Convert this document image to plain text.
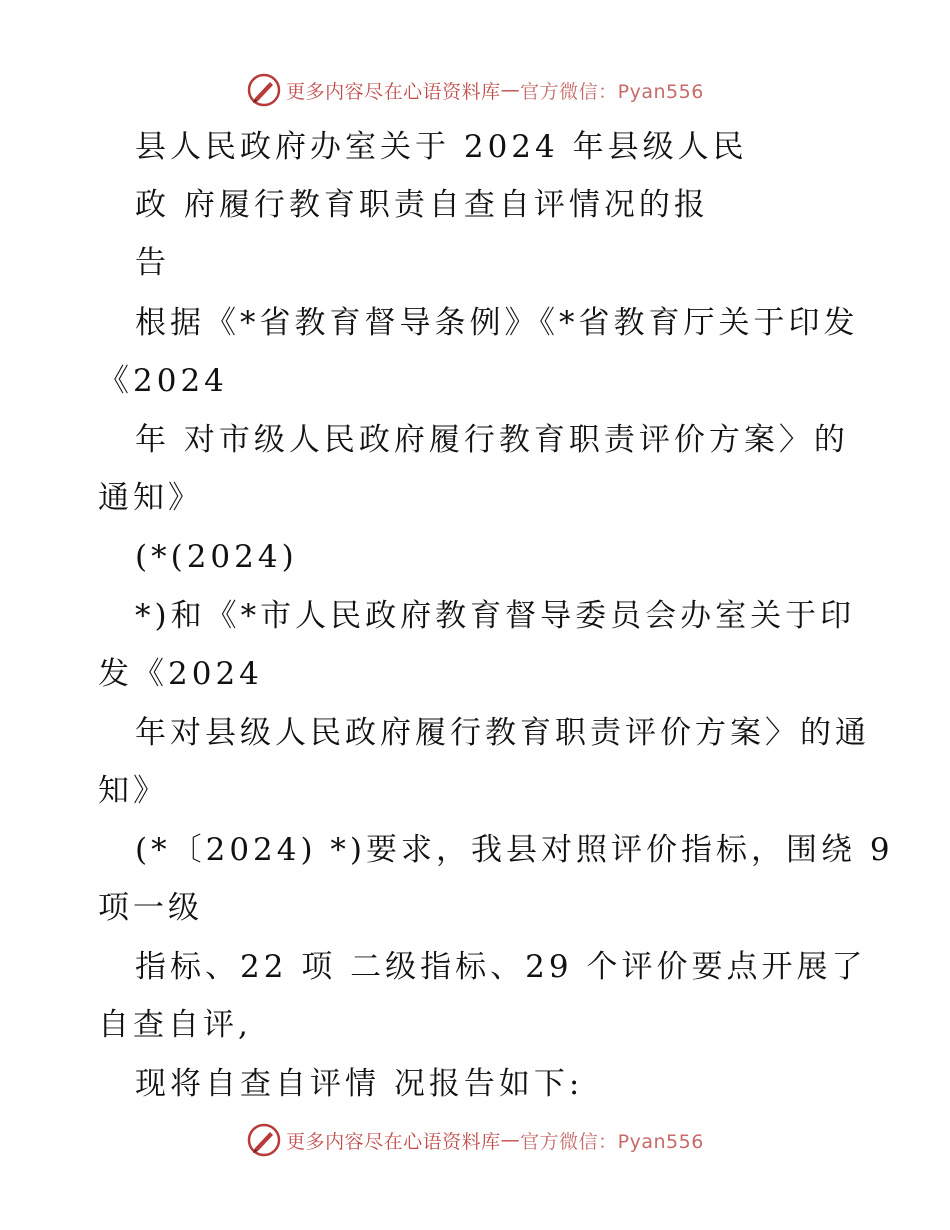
更多内容尽在心语资料库 — 官方微信：Pyan556
县人民政府办室关于 2024 年县级人民
政 府履行教育职责自查自评情况的报
告
根据《*省教育督导条例》《*省教育厅关于印发
《2024
年 对市级人民政府履行教育职责评价方案〉的
通知》
(*(2024)
*)和《*市人民政府教育督导委员会办室关于印
发《2024
年对县级人民政府履行教育职责评价方案〉的通
知》
(*〔2024) *)要求，我县对照评价指标，围绕 9
项一级
指标、22 项 二级指标、29 个评价要点开展了
自查自评,
现将自查自评情 况报告如下:
更多内容尽在心语资料库 — 官方微信：Pyan556
